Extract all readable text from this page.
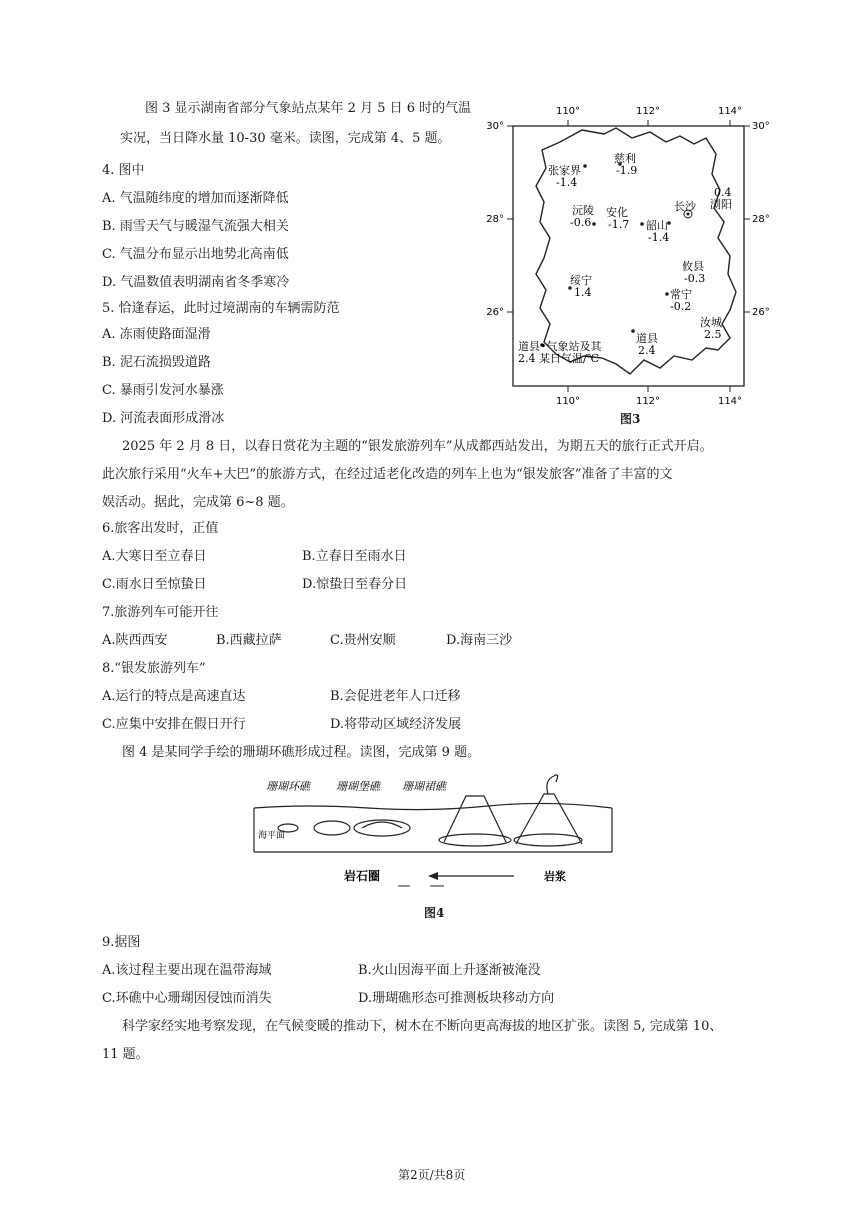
图 3 显示湖南省部分气象站点某年 2 月 5 日 6 时的气温
实况，当日降水量 10-30 毫米。读图，完成第 4、5 题。
4. 图中
A. 气温随纬度的增加而逐渐降低
B. 雨雪天气与暖湿气流强大相关
C. 气温分布显示出地势北高南低
D. 气温数值表明湖南省冬季寒冷
5. 恰逢春运，此时过境湖南的车辆需防范
A. 冻雨使路面湿滑
B. 泥石流损毁道路
C. 暴雨引发河水暴涨
D. 河流表面形成滑冰
110°	112°	114°
110°	112°	114°
30°
28°
26°
30°
28°
26°
慈利
-1.9
张家界
-1.4
沅陵
-0.6
安化
-1.7 韶山
-1.4
长沙 浏阳
0.4
绥宁
1.4
攸县
-0.3
常宁
-0.2
汝城
2.5
道县
2.4
道县•气象站及其
2.4 某日气温/℃
图3
2025 年 2 月 8 日，以春日赏花为主题的“银发旅游列车”从成都西站发出，为期五天的旅行正式开启。
此次旅行采用“火车+大巴”的旅游方式，在经过适老化改造的列车上也为“银发旅客”准备了丰富的文
娱活动。据此，完成第 6~8 题。
6.旅客出发时，正值
A.大寒日至立春日	B.立春日至雨水日
C.雨水日至惊蛰日	D.惊蛰日至春分日
7.旅游列车可能开往
A.陕西西安	B.西藏拉萨	C.贵州安顺	D.海南三沙
8.“银发旅游列车”
A.运行的特点是高速直达	B.会促进老年人口迁移
C.应集中安排在假日开行	D.将带动区域经济发展
图 4 是某同学手绘的珊瑚环礁形成过程。读图，完成第 9 题。
珊瑚环礁 珊瑚堡礁 珊瑚裙礁
海平面
岩石圈	岩浆
图4
9.据图
A.该过程主要出现在温带海域	B.火山因海平面上升逐渐被淹没
C.环礁中心珊瑚因侵蚀而消失	D.珊瑚礁形态可推测板块移动方向
科学家经实地考察发现，在气候变暖的推动下，树木在不断向更高海拔的地区扩张。读图 5, 完成第 10、
11 题。
第2页/共8页
